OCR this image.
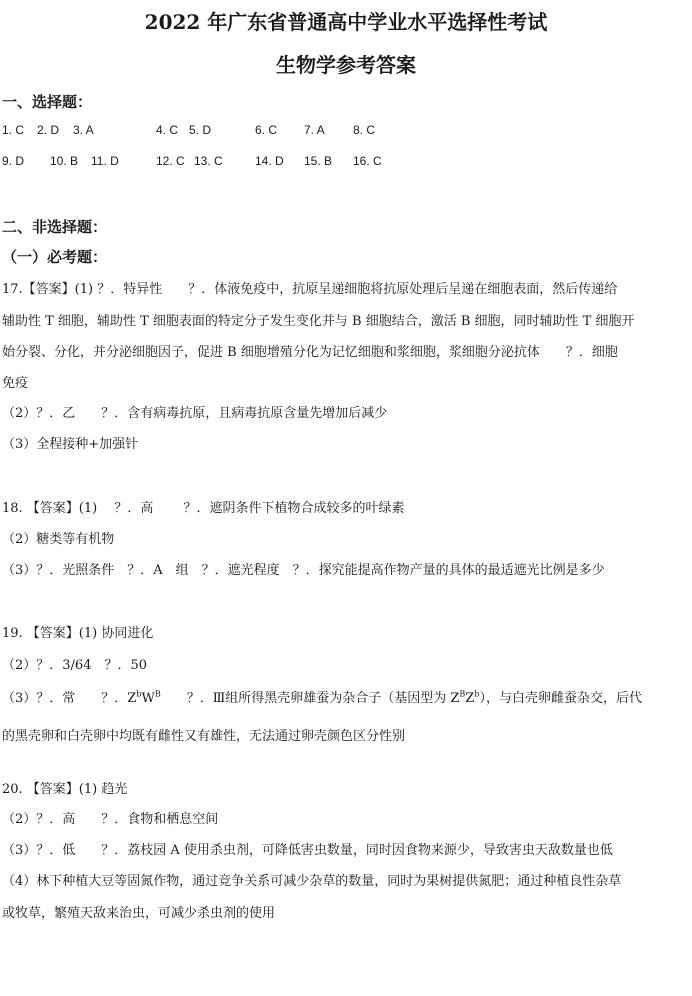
2022 年广东省普通高中学业水平选择性考试
生物学参考答案
一、选择题：
1. C 2. D 3. A	4. C 5. D	6. C 7. A 8. C
9. D 10. B 11. D	12. C 13. C	14. D 15. B 16. C
二、非选择题：
（一）必考题：
17.【答案】(1) ？．特异性　　？．体液免疫中，抗原呈递细胞将抗原处理后呈递在细胞表面，然后传递给
辅助性 T 细胞，辅助性 T 细胞表面的特定分子发生变化并与 B 细胞结合，激活 B 细胞，同时辅助性 T 细胞开
始分裂、分化，并分泌细胞因子，促进 B 细胞增殖分化为记忆细胞和浆细胞，浆细胞分泌抗体　　？．细胞
免疫
（2）？．乙　　？．含有病毒抗原，且病毒抗原含量先增加后减少
（3）全程接种+加强针
18. 【答案】(1)　 ？．高　　 ？．遮阴条件下植物合成较多的叶绿素
（2）糖类等有机物
（3）？．光照条件　？．A　组　？．遮光程度　？．探究能提高作物产量的具体的最适遮光比例是多少
19. 【答案】(1) 协同进化
（2）？．3/64　？．50
（3）？．常　　？．$Z^bW^B$　　？．Ⅲ组所得黑壳卵雄蚕为杂合子（基因型为 $Z^BZ^b$），与白壳卵雌蚕杂交，后代
的黑壳卵和白壳卵中均既有雌性又有雄性，无法通过卵壳颜色区分性别
20. 【答案】(1) 趋光
（2）？．高　　？．食物和栖息空间
（3）？．低　　？．荔枝园 A 使用杀虫剂，可降低害虫数量，同时因食物来源少，导致害虫天敌数量也低
（4）林下种植大豆等固氮作物，通过竞争关系可减少杂草的数量，同时为果树提供氮肥；通过种植良性杂草
或牧草，繁殖天敌来治虫，可减少杀虫剂的使用
